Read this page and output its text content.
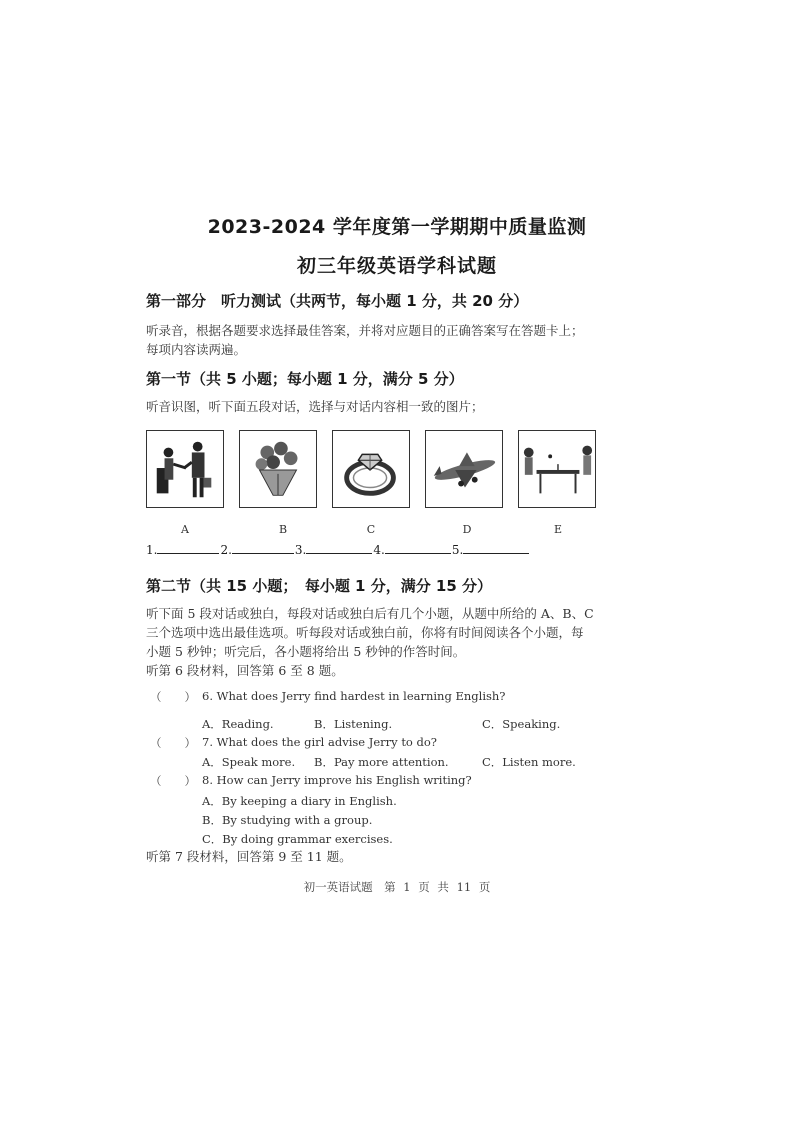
2023-2024 学年度第一学期期中质量监测
初三年级英语学科试题
第一部分　听力测试（共两节，每小题 1 分，共 20 分）
听录音，根据各题要求选择最佳答案，并将对应题目的正确答案写在答题卡上；
每项内容读两遍。
第一节（共 5 小题；每小题 1 分，满分 5 分）
听音识图，听下面五段对话，选择与对话内容相一致的图片；
A	B	C	D	E
1.	2.	3.	4.	5.
第二节（共 15 小题；　每小题 1 分，满分 15 分）
听下面 5 段对话或独白，每段对话或独白后有几个小题，从题中所给的 A、B、C
三个选项中选出最佳选项。听每段对话或独白前，你将有时间阅读各个小题，每
小题 5 秒钟；听完后，各小题将给出 5 秒钟的作答时间。
听第 6 段材料，回答第 6 至 8 题。
（　　） 6. What does Jerry find hardest in learning English?
A．Reading.	B．Listening.	C．Speaking.
（　　） 7. What does the girl advise Jerry to do?
A．Speak more. B．Pay more attention.	C．Listen more.
（　　） 8. How can Jerry improve his English writing?
A．By keeping a diary in English.
B．By studying with a group.
C．By doing grammar exercises.
听第 7 段材料，回答第 9 至 11 题。
初一英语试题　第 1 页 共 11 页
